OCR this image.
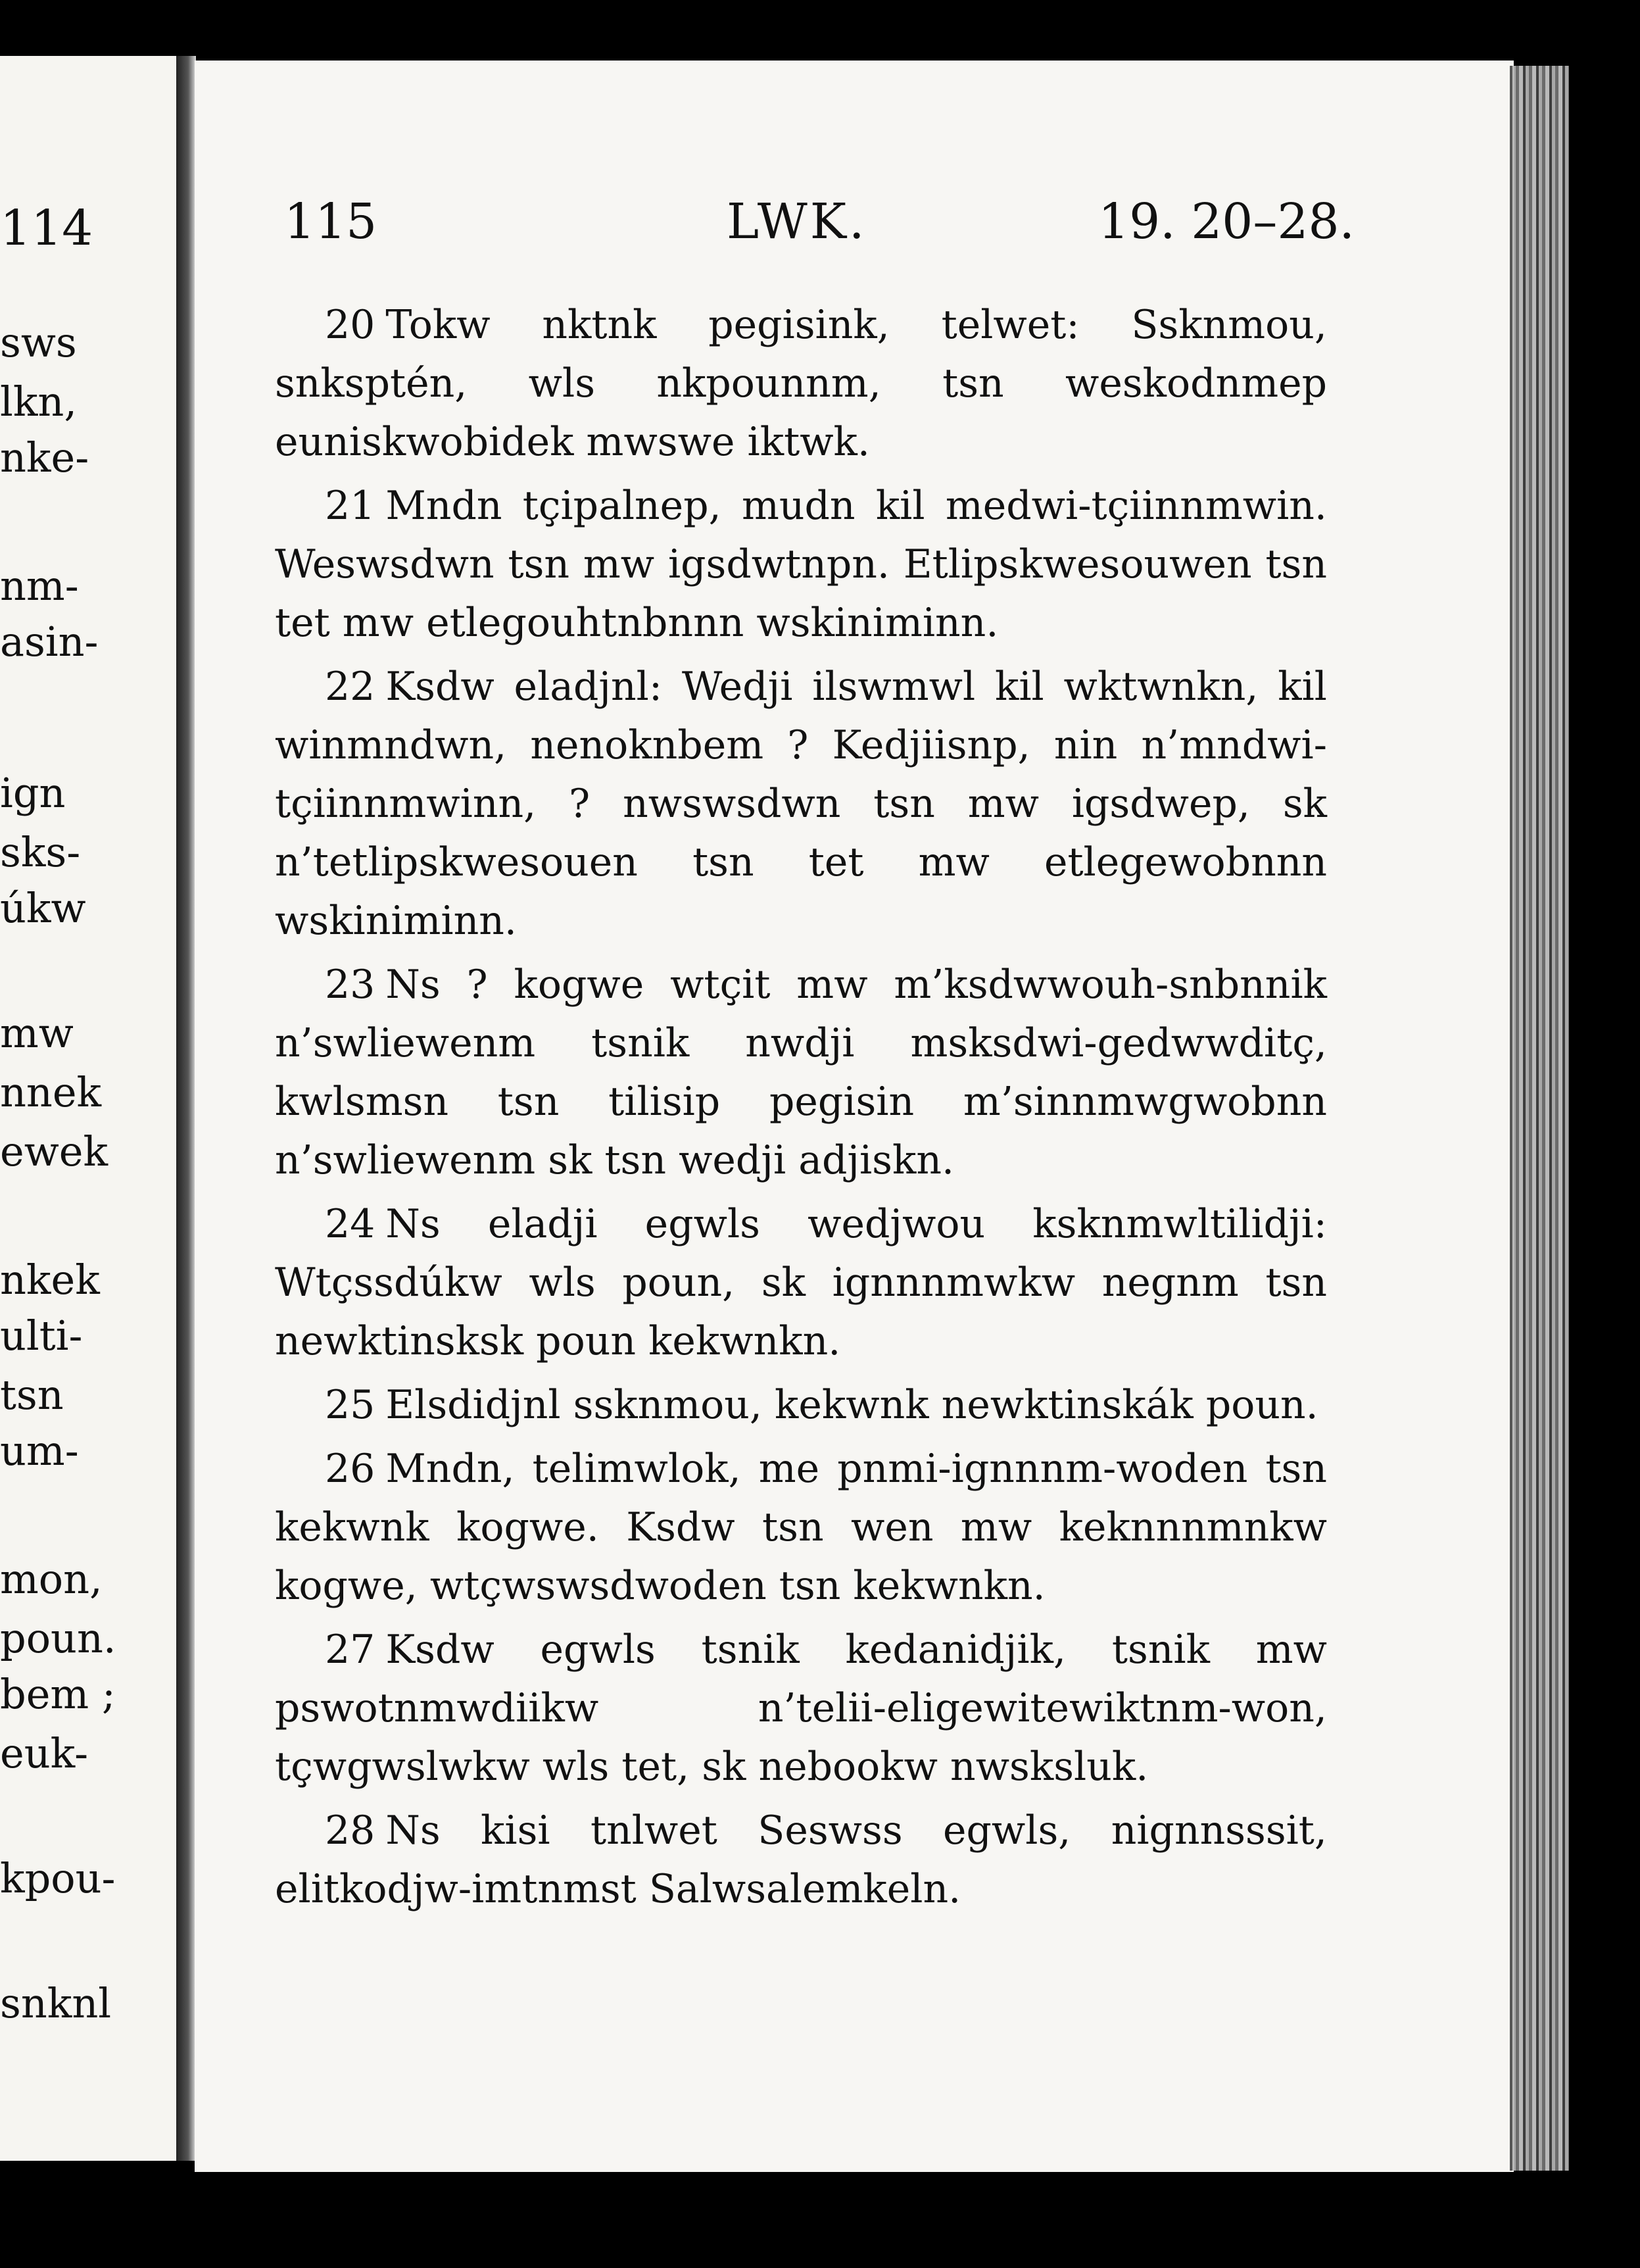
114
sws
lkn,
nke-
nm-
asin-
ign
sks-
úkw
mw
nnek
ewek
nkek
ulti-
tsn
um-
mon,
poun.
bem ;
euk-
kpou-
snknl
115	LWK.	19. 20–28.

20 Tokw nktnk pegisink, telwet: Ssknmou, snksptén, wls nkpounnm, tsn weskodnmep euniskwobidek mwswe iktwk.

21 Mndn tçipalnep, mudn kil medwi-tçiinnmwin. Weswsdwn tsn mw igsdwtnpn. Etlipskwesouwen tsn tet mw etlegouhtnbnnn wskiniminn.

22 Ksdw eladjnl: Wedji ilswmwl kil wktwnkn, kil winmndwn, nenoknbem ? Kedjiisnp, nin n’mndwi-tçiinnmwinn, ? nwswsdwn tsn mw igsdwep, sk n’tetlipskwesouen tsn tet mw etlegewobnnn wskiniminn.

23 Ns ? kogwe wtçit mw m’ksdwwouh-snbnnik n’swliewenm tsnik nwdji msksdwi-gedwwditç, kwlsmsn tsn tilisip pegisin m’sinnmwgwobnn n’swliewenm sk tsn wedji adjiskn.

24 Ns eladji egwls wedjwou ksknmwltilidji: Wtçssdúkw wls poun, sk ignnnmwkw negnm tsn newktinsksk poun kekwnkn.

25 Elsdidjnl ssknmou, kekwnk newktinskák poun.

26 Mndn, telimwlok, me pnmi-ignnnm-woden tsn kekwnk kogwe. Ksdw tsn wen mw keknnnmnkw kogwe, wtçwswsdwoden tsn kekwnkn.

27 Ksdw egwls tsnik kedanidjik, tsnik mw pswotnmwdiikw n’telii-eligewitewiktnm-won, tçwgwslwkw wls tet, sk nebookw nwsksluk.

28 Ns kisi tnlwet Seswss egwls, nignnsssit, elitkodjw-imtnmst Salwsalemkeln.
